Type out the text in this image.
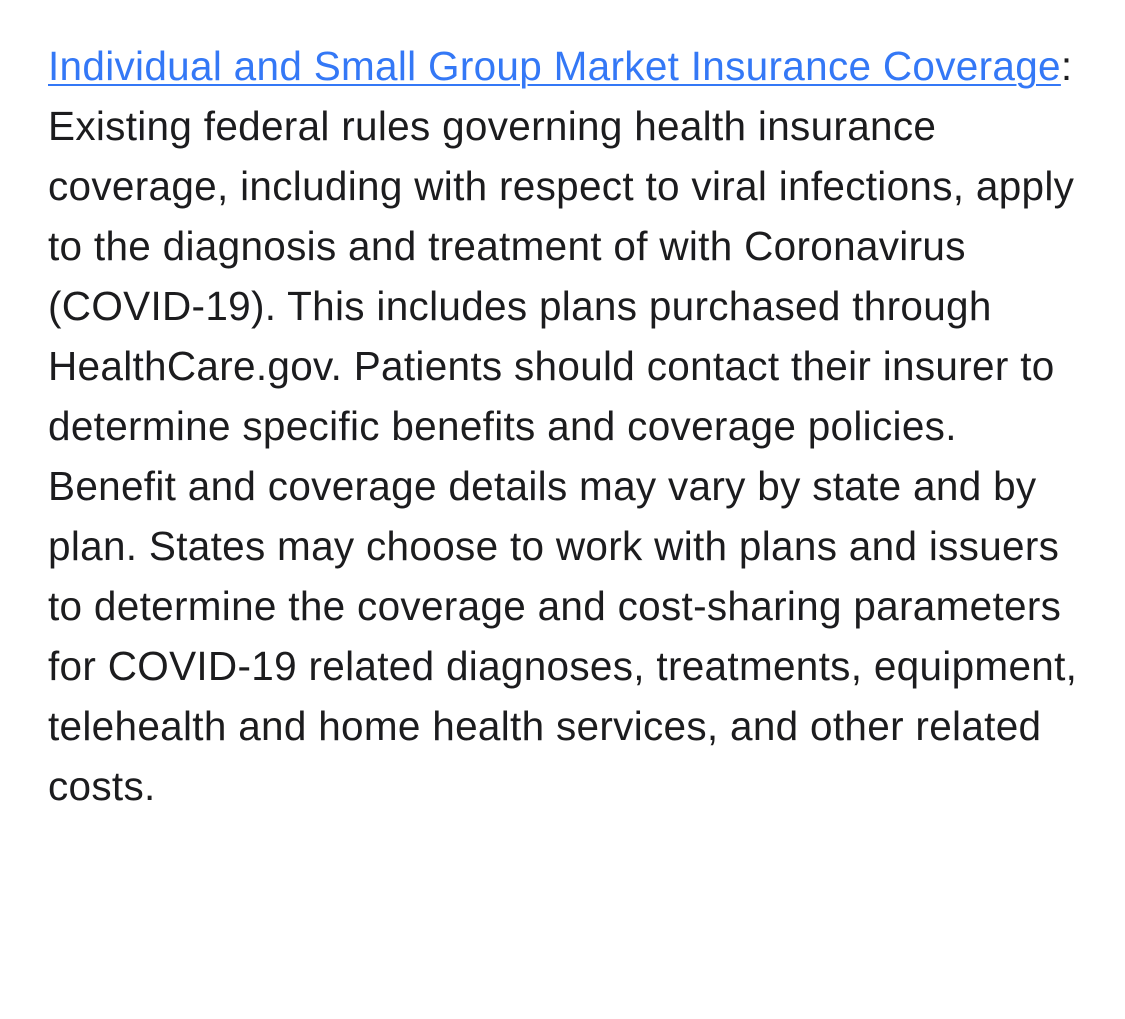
Individual and Small Group Market Insurance Coverage: Existing federal rules governing health insurance coverage, including with respect to viral infections, apply to the diagnosis and treatment of with Coronavirus (COVID-19). This includes plans purchased through HealthCare.gov. Patients should contact their insurer to determine specific benefits and coverage policies. Benefit and coverage details may vary by state and by plan. States may choose to work with plans and issuers to determine the coverage and cost-sharing parameters for COVID-19 related diagnoses, treatments, equipment, telehealth and home health services, and other related costs.
